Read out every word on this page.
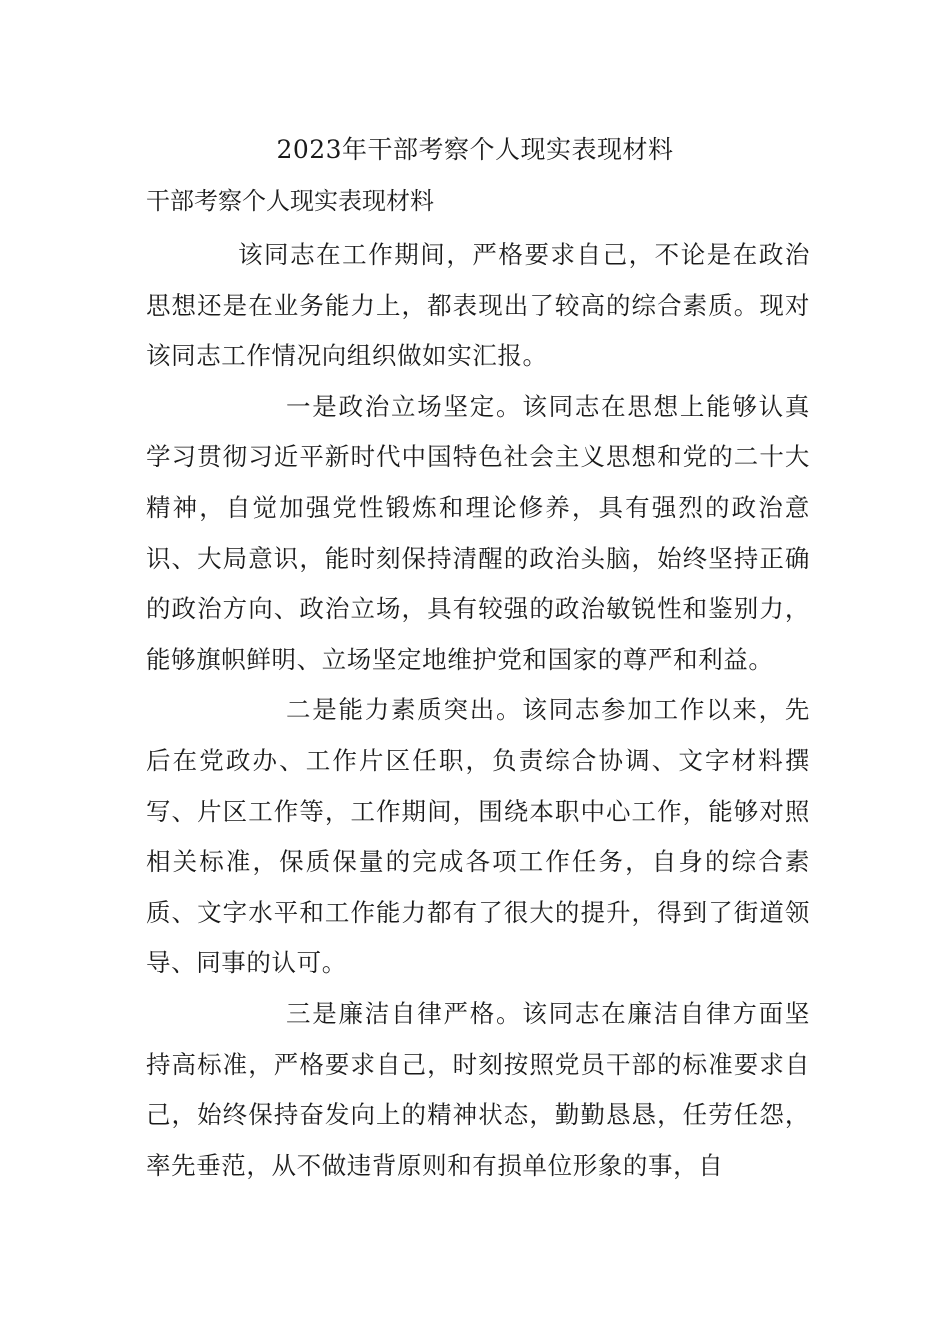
2023年干部考察个人现实表现材料

干部考察个人现实表现材料

该同志在工作期间，严格要求自己，不论是在政治思想还是在业务能力上，都表现出了较高的综合素质。现对该同志工作情况向组织做如实汇报。

一是政治立场坚定。该同志在思想上能够认真学习贯彻习近平新时代中国特色社会主义思想和党的二十大精神，自觉加强党性锻炼和理论修养，具有强烈的政治意识、大局意识，能时刻保持清醒的政治头脑，始终坚持正确的政治方向、政治立场，具有较强的政治敏锐性和鉴别力，能够旗帜鲜明、立场坚定地维护党和国家的尊严和利益。

二是能力素质突出。该同志参加工作以来，先后在党政办、工作片区任职，负责综合协调、文字材料撰写、片区工作等，工作期间，围绕本职中心工作，能够对照相关标准，保质保量的完成各项工作任务，自身的综合素质、文字水平和工作能力都有了很大的提升，得到了街道领导、同事的认可。

三是廉洁自律严格。该同志在廉洁自律方面坚持高标准，严格要求自己，时刻按照党员干部的标准要求自己，始终保持奋发向上的精神状态，勤勤恳恳，任劳任怨，率先垂范，从不做违背原则和有损单位形象的事，自
